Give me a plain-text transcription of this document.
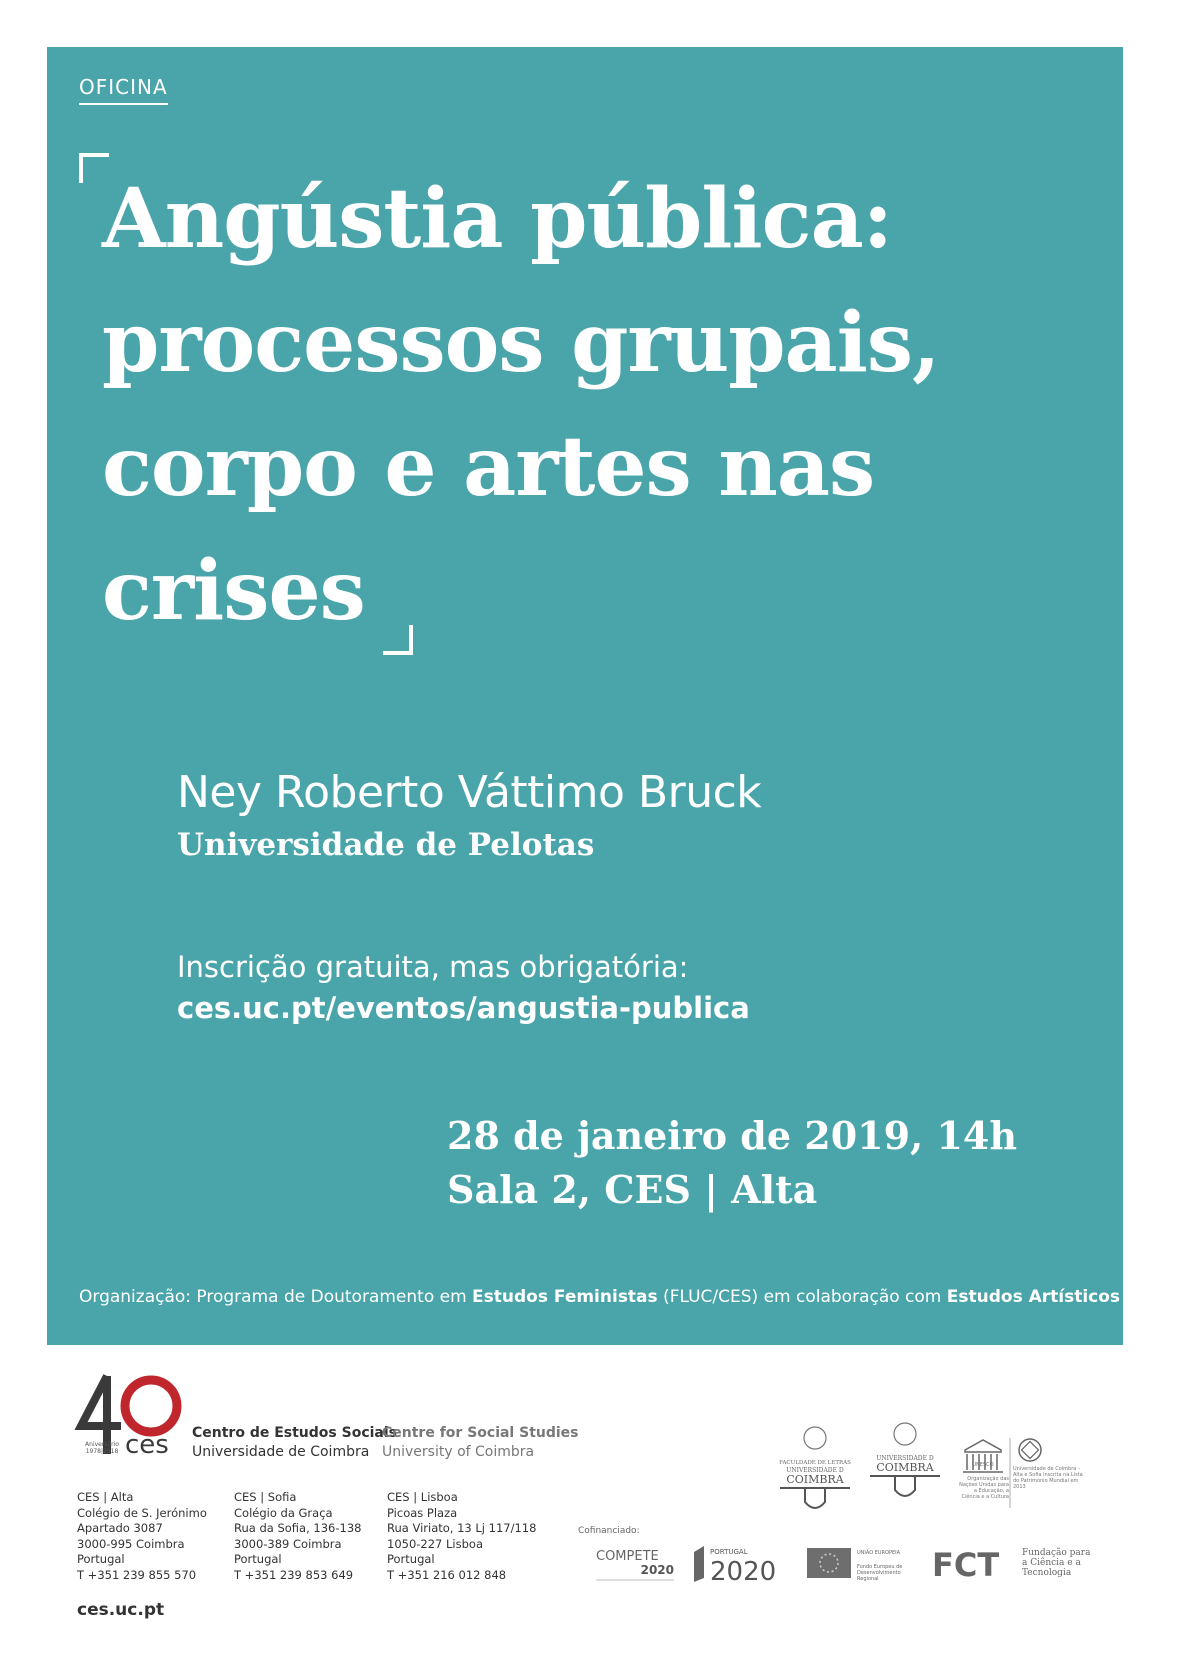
OFICINA
Angústia pública: processos grupais, corpo e artes nas crises
Ney Roberto Váttimo Bruck
Universidade de Pelotas
Inscrição gratuita, mas obrigatória:
ces.uc.pt/eventos/angustia-publica
28 de janeiro de 2019, 14h
Sala 2, CES | Alta
Organização: Programa de Doutoramento em Estudos Feministas (FLUC/CES) em colaboração com Estudos Artísticos (FLUC).
ces
Aniversário 1978|2018
Centro de Estudos Sociais
Universidade de Coimbra
Centre for Social Studies
University of Coimbra
CES | Alta
Colégio de S. Jerónimo
Apartado 3087
3000-995 Coimbra
Portugal
T +351 239 855 570
CES | Sofia
Colégio da Graça
Rua da Sofia, 136-138
3000-389 Coimbra
Portugal
T +351 239 853 649
CES | Lisboa
Picoas Plaza
Rua Viriato, 13 Lj 117/118
1050-227 Lisboa
Portugal
T +351 216 012 848
ces.uc.pt
FACULDADE DE LETRAS
UNIVERSIDADE D
COIMBRA
UNIVERSIDADE D
COIMBRA	UNESCO
Organização das Nações Unidas para a Educação, a Ciência e a Cultura
Universidade de Coimbra – Alta e Sofia inscrita na Lista do Património Mundial em 2013
Cofinanciado:
COMPETE
2020
PORTUGAL
2020
UNIÃO EUROPEIA
Fundo Europeu de Desenvolvimento Regional	FCT	Fundação para a Ciência e a Tecnologia
